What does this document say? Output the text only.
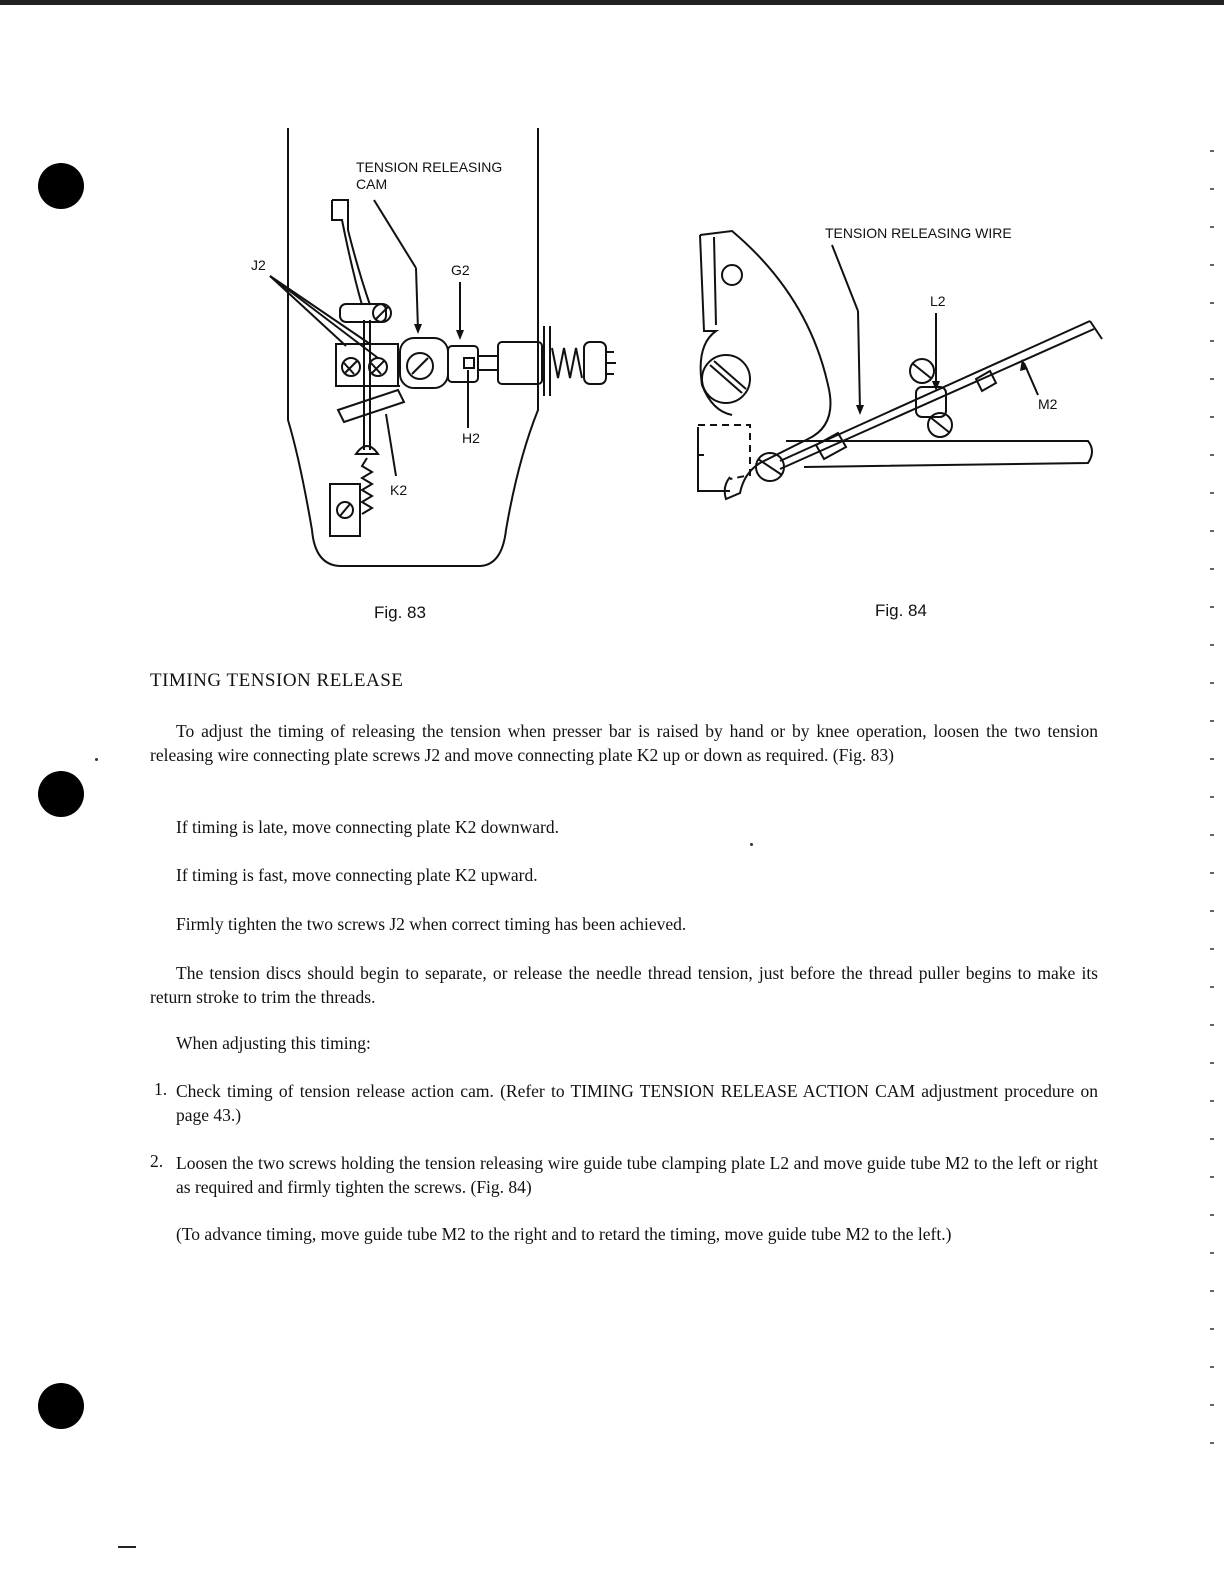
TENSION RELEASING
CAM
J2	G2
H2
K2
TENSION RELEASING WIRE
L2
M2
Fig. 83	Fig. 84
TIMING TENSION RELEASE
To adjust the timing of releasing the tension when presser bar is raised by hand or by knee operation, loosen the two tension releasing wire connecting plate screws J2 and move connecting plate K2 up or down as required. (Fig. 83)
If timing is late, move connecting plate K2 downward.
If timing is fast, move connecting plate K2 upward.
Firmly tighten the two screws J2 when correct timing has been achieved.
The tension discs should begin to separate, or release the needle thread tension, just before the thread puller begins to make its return stroke to trim the threads.
When adjusting this timing:
1. Check timing of tension release action cam. (Refer to TIMING TENSION RELEASE ACTION CAM adjustment procedure on page 43.)
2. Loosen the two screws holding the tension releasing wire guide tube clamping plate L2 and move guide tube M2 to the left or right as required and firmly tighten the screws. (Fig. 84)
(To advance timing, move guide tube M2 to the right and to retard the timing, move guide tube M2 to the left.)
